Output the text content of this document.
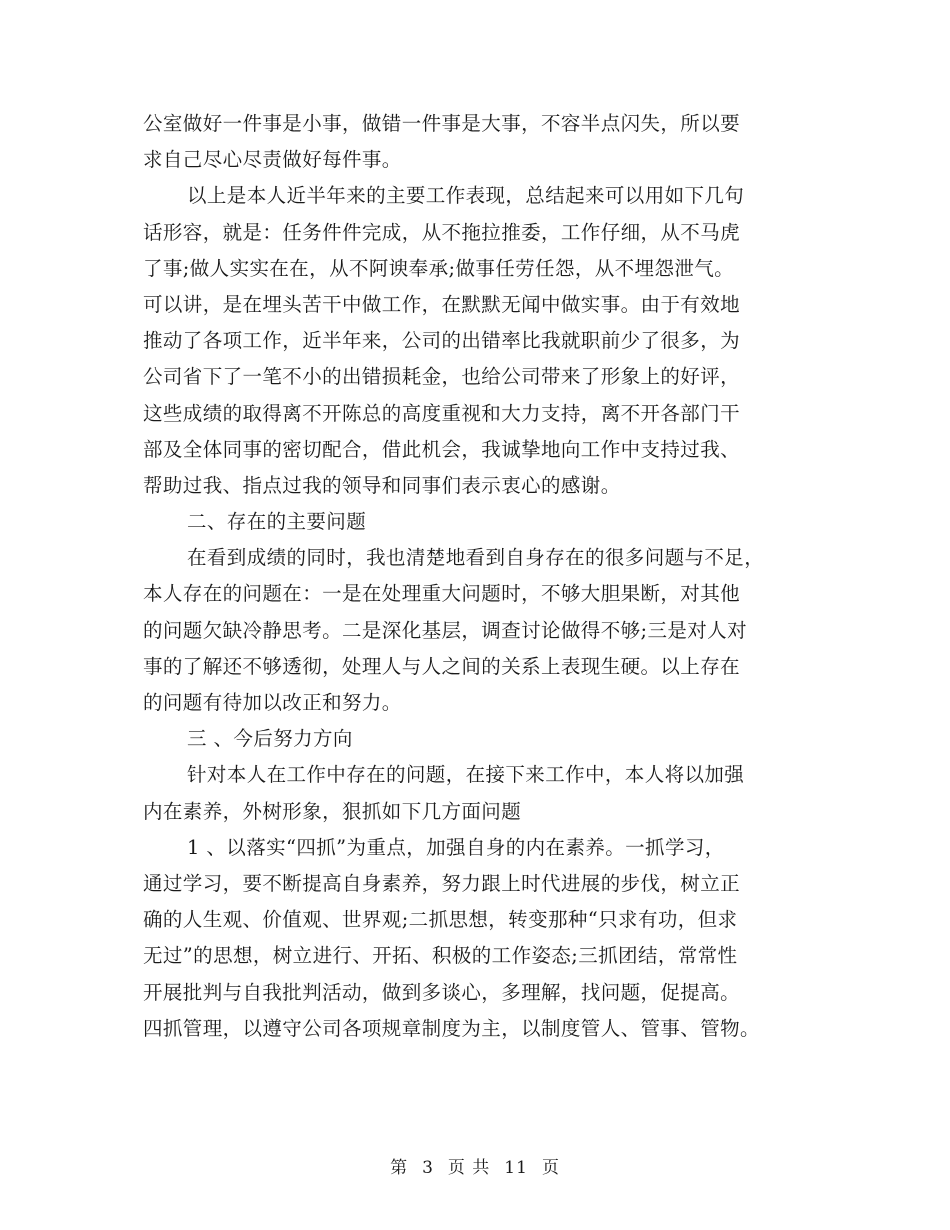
公室做好一件事是小事，做错一件事是大事，不容半点闪失，所以要
求自己尽心尽责做好每件事。
以上是本人近半年来的主要工作表现，总结起来可以用如下几句
话形容，就是：任务件件完成，从不拖拉推委，工作仔细，从不马虎
了事;做人实实在在，从不阿谀奉承;做事任劳任怨，从不埋怨泄气。
可以讲，是在埋头苦干中做工作，在默默无闻中做实事。由于有效地
推动了各项工作，近半年来，公司的出错率比我就职前少了很多，为
公司省下了一笔不小的出错损耗金，也给公司带来了形象上的好评，
这些成绩的取得离不开陈总的高度重视和大力支持，离不开各部门干
部及全体同事的密切配合，借此机会，我诚挚地向工作中支持过我、
帮助过我、指点过我的领导和同事们表示衷心的感谢。
二、存在的主要问题
在看到成绩的同时，我也清楚地看到自身存在的很多问题与不足，
本人存在的问题在：一是在处理重大问题时，不够大胆果断，对其他
的问题欠缺冷静思考。二是深化基层，调查讨论做得不够;三是对人对
事的了解还不够透彻，处理人与人之间的关系上表现生硬。以上存在
的问题有待加以改正和努力。
三 、今后努力方向
针对本人在工作中存在的问题，在接下来工作中，本人将以加强
内在素养，外树形象，狠抓如下几方面问题
1 、以落实“四抓”为重点，加强自身的内在素养。一抓学习，
通过学习，要不断提高自身素养，努力跟上时代进展的步伐，树立正
确的人生观、价值观、世界观;二抓思想，转变那种“只求有功，但求
无过”的思想，树立进行、开拓、积极的工作姿态;三抓团结，常常性
开展批判与自我批判活动，做到多谈心，多理解，找问题，促提高。
四抓管理，以遵守公司各项规章制度为主，以制度管人、管事、管物。
第 3 页 共 11 页
